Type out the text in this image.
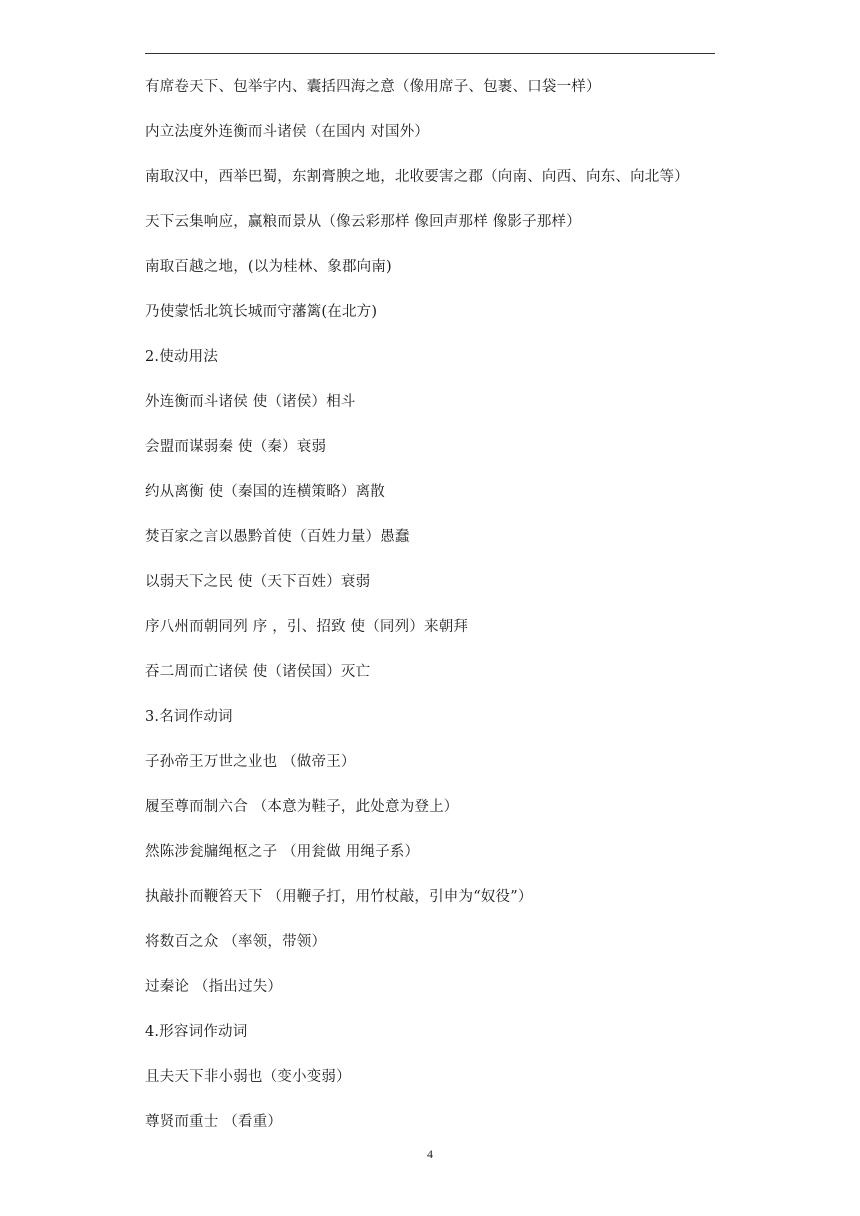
有席卷天下、包举宇内、囊括四海之意（像用席子、包裹、口袋一样）
内立法度外连衡而斗诸侯（在国内 对国外）
南取汉中，西举巴蜀，东割膏腴之地，北收要害之郡（向南、向西、向东、向北等）
天下云集响应，赢粮而景从（像云彩那样 像回声那样 像影子那样）
南取百越之地，(以为桂林、象郡向南)
乃使蒙恬北筑长城而守藩篱(在北方)
2.使动用法
外连衡而斗诸侯 使（诸侯）相斗
会盟而谋弱秦 使（秦）衰弱
约从离衡 使（秦国的连横策略）离散
焚百家之言以愚黔首使（百姓力量）愚蠢
以弱天下之民 使（天下百姓）衰弱
序八州而朝同列 序 ，引、招致 使（同列）来朝拜
吞二周而亡诸侯 使（诸侯国）灭亡
3.名词作动词
子孙帝王万世之业也 （做帝王）
履至尊而制六合 （本意为鞋子，此处意为登上）
然陈涉瓮牖绳枢之子 （用瓮做 用绳子系）
执敲扑而鞭笞天下 （用鞭子打，用竹杖敲，引申为“奴役”）
将数百之众 （率领，带领）
过秦论 （指出过失）
4.形容词作动词
且夫天下非小弱也（变小变弱）
尊贤而重士 （看重）
4
